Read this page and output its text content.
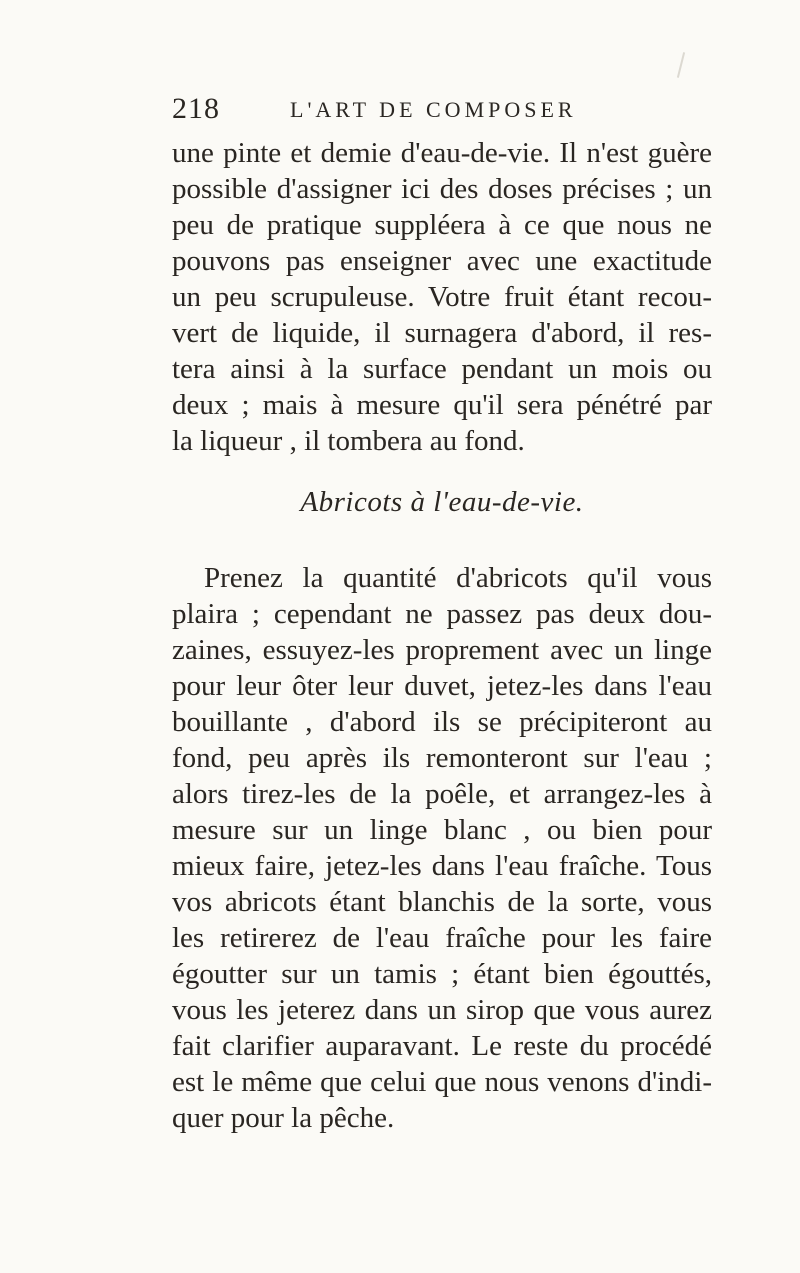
218	L'ART DE COMPOSER
une pinte et demie d'eau-de-vie. Il n'est guère
possible d'assigner ici des doses précises ; un
peu de pratique suppléera à ce que nous ne
pouvons pas enseigner avec une exactitude
un peu scrupuleuse. Votre fruit étant recou-
vert de liquide, il surnagera d'abord, il res-
tera ainsi à la surface pendant un mois ou
deux ; mais à mesure qu'il sera pénétré par
la liqueur , il tombera au fond.
Abricots à l'eau-de-vie.
Prenez la quantité d'abricots qu'il vous
plaira ; cependant ne passez pas deux dou-
zaines, essuyez-les proprement avec un linge
pour leur ôter leur duvet, jetez-les dans l'eau
bouillante , d'abord ils se précipiteront au
fond, peu après ils remonteront sur l'eau ;
alors tirez-les de la poêle, et arrangez-les à
mesure sur un linge blanc , ou bien pour
mieux faire, jetez-les dans l'eau fraîche. Tous
vos abricots étant blanchis de la sorte, vous
les retirerez de l'eau fraîche pour les faire
égoutter sur un tamis ; étant bien égouttés,
vous les jeterez dans un sirop que vous aurez
fait clarifier auparavant. Le reste du procédé
est le même que celui que nous venons d'indi-
quer pour la pêche.
